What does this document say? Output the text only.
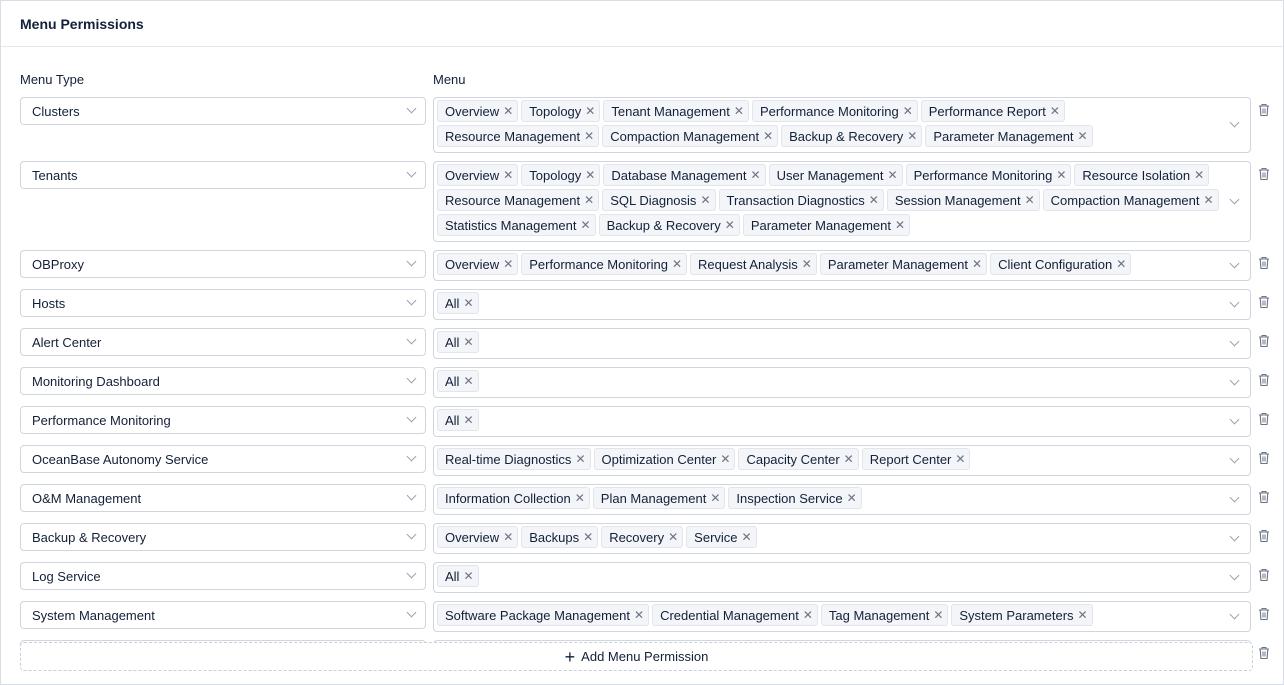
Menu Permissions
Menu Type	Menu
Clusters	Overview ✕ Topology ✕ Tenant Management ✕ Performance Monitoring ✕ Performance Report ✕
Resource Management ✕ Compaction Management ✕ Backup & Recovery ✕ Parameter Management ✕
Tenants	Overview ✕ Topology ✕ Database Management ✕ User Management ✕ Performance Monitoring ✕ Resource Isolation ✕
Resource Management ✕ SQL Diagnosis ✕ Transaction Diagnostics ✕ Session Management ✕ Compaction Management ✕
Statistics Management ✕ Backup & Recovery ✕ Parameter Management ✕
OBProxy	Overview ✕ Performance Monitoring ✕ Request Analysis ✕ Parameter Management ✕ Client Configuration ✕
Hosts	All ✕
Alert Center	All ✕
Monitoring Dashboard	All ✕
Performance Monitoring	All ✕
OceanBase Autonomy Service	Real-time Diagnostics ✕ Optimization Center ✕ Capacity Center ✕ Report Center ✕
O&M Management	Information Collection ✕ Plan Management ✕ Inspection Service ✕
Backup & Recovery	Overview ✕ Backups ✕ Recovery ✕ Service ✕
Log Service	All ✕
System Management	Software Package Management ✕ Credential Management ✕ Tag Management ✕ System Parameters ✕
+ Add Menu Permission
